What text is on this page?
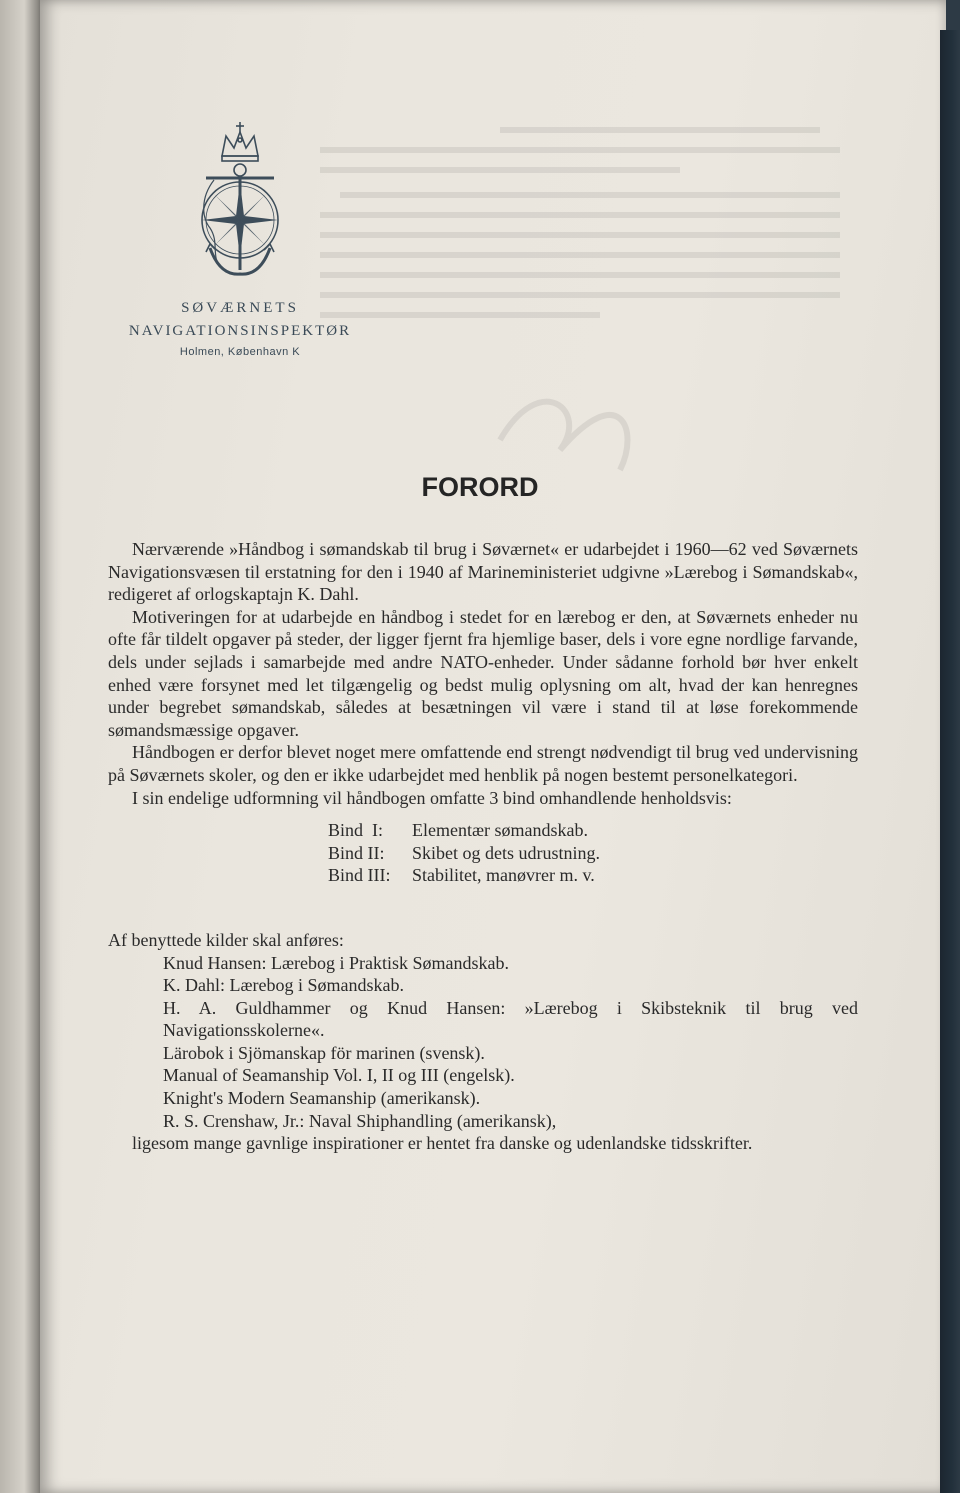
SØVÆRNETS
NAVIGATIONSINSPEKTØR
Holmen, København K
FORORD

Nærværende »Håndbog i sømandskab til brug i Søværnet« er udarbejdet i 1960—62 ved Søværnets Navigationsvæsen til erstatning for den i 1940 af Marineministeriet udgivne »Lærebog i Sømandskab«, redigeret af orlogskaptajn K. Dahl.

Motiveringen for at udarbejde en håndbog i stedet for en lærebog er den, at Søværnets enheder nu ofte får tildelt opgaver på steder, der ligger fjernt fra hjemlige baser, dels i vore egne nordlige farvande, dels under sejlads i samarbejde med andre NATO-enheder. Under sådanne forhold bør hver enkelt enhed være forsynet med let tilgængelig og bedst mulig oplysning om alt, hvad der kan henregnes under begrebet sømandskab, således at besætningen vil være i stand til at løse forekommende sømandsmæssige opgaver.

Håndbogen er derfor blevet noget mere omfattende end strengt nødvendigt til brug ved undervisning på Søværnets skoler, og den er ikke udarbejdet med henblik på nogen bestemt personelkategori.

I sin endelige udformning vil håndbogen omfatte 3 bind omhandlende henholdsvis:

Bind  I:	Elementær sømandskab.
Bind II:	Skibet og dets udrustning.
Bind III:	Stabilitet, manøvrer m. v.
Af benyttede kilder skal anføres:
Knud Hansen: Lærebog i Praktisk Sømandskab.
K. Dahl: Lærebog i Sømandskab.
H. A. Guldhammer og Knud Hansen: »Lærebog i Skibsteknik til brug ved Navigationsskolerne«.
Lärobok i Sjömanskap för marinen (svensk).
Manual of Seamanship Vol. I, II og III (engelsk).
Knight's Modern Seamanship (amerikansk).
R. S. Crenshaw, Jr.: Naval Shiphandling (amerikansk),

ligesom mange gavnlige inspirationer er hentet fra danske og udenlandske tidsskrifter.
